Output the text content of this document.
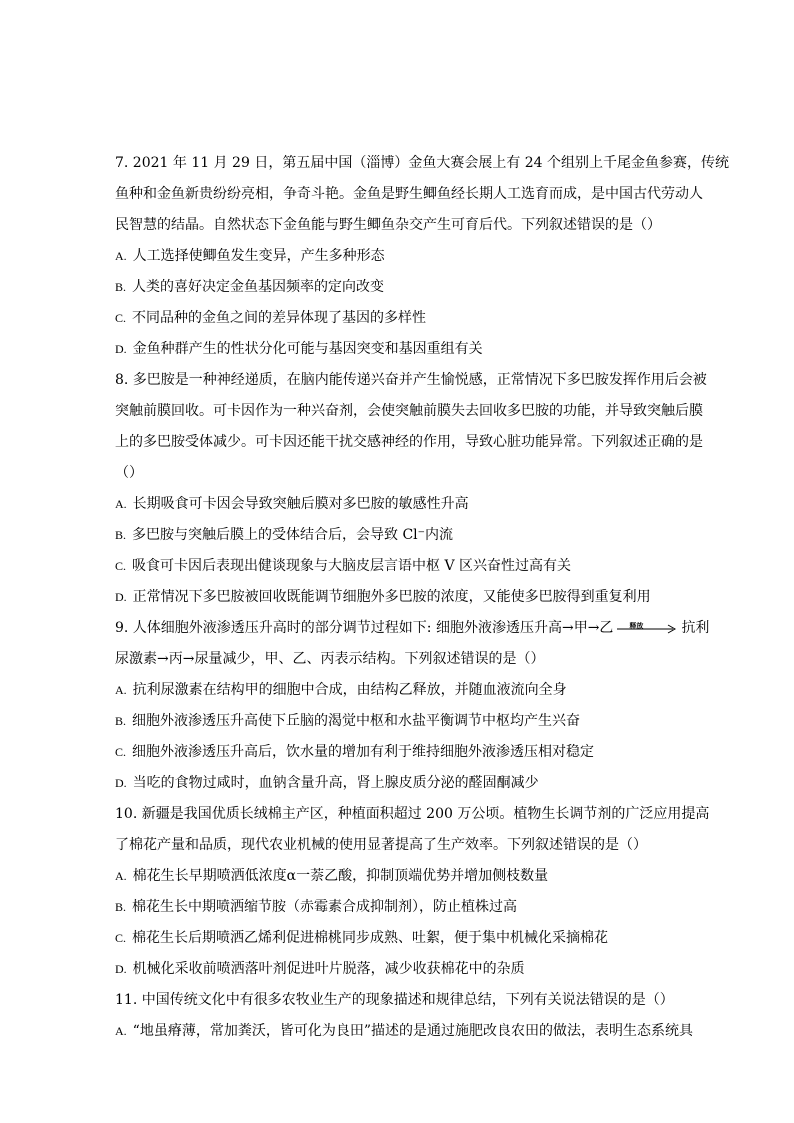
7. 2021 年 11 月 29 日，第五届中国（淄博）金鱼大赛会展上有 24 个组别上千尾金鱼参赛，传统
鱼种和金鱼新贵纷纷亮相，争奇斗艳。金鱼是野生鲫鱼经长期人工选育而成，是中国古代劳动人
民智慧的结晶。自然状态下金鱼能与野生鲫鱼杂交产生可育后代。下列叙述错误的是（）
A. 人工选择使鲫鱼发生变异，产生多种形态
B. 人类的喜好决定金鱼基因频率的定向改变
C. 不同品种的金鱼之间的差异体现了基因的多样性
D. 金鱼种群产生的性状分化可能与基因突变和基因重组有关
8. 多巴胺是一种神经递质，在脑内能传递兴奋并产生愉悦感，正常情况下多巴胺发挥作用后会被
突触前膜回收。可卡因作为一种兴奋剂，会使突触前膜失去回收多巴胺的功能，并导致突触后膜
上的多巴胺受体减少。可卡因还能干扰交感神经的作用，导致心脏功能异常。下列叙述正确的是
（）
A. 长期吸食可卡因会导致突触后膜对多巴胺的敏感性升高
B. 多巴胺与突触后膜上的受体结合后，会导致 Cl⁻内流
C. 吸食可卡因后表现出健谈现象与大脑皮层言语中枢 V 区兴奋性过高有关
D. 正常情况下多巴胺被回收既能调节细胞外多巴胺的浓度，又能使多巴胺得到重复利用
9. 人体细胞外液渗透压升高时的部分调节过程如下: 细胞外液渗透压升高→甲→乙 释放	抗利
尿激素→丙→尿量减少，甲、乙、丙表示结构。下列叙述错误的是（）
A. 抗利尿激素在结构甲的细胞中合成，由结构乙释放，并随血液流向全身
B. 细胞外液渗透压升高使下丘脑的渴觉中枢和水盐平衡调节中枢均产生兴奋
C. 细胞外液渗透压升高后，饮水量的增加有利于维持细胞外液渗透压相对稳定
D. 当吃的食物过咸时，血钠含量升高，肾上腺皮质分泌的醛固酮减少
10. 新疆是我国优质长绒棉主产区，种植面积超过 200 万公顷。植物生长调节剂的广泛应用提高
了棉花产量和品质，现代农业机械的使用显著提高了生产效率。下列叙述错误的是（）
A. 棉花生长早期喷洒低浓度α一萘乙酸，抑制顶端优势并增加侧枝数量
B. 棉花生长中期喷洒缩节胺（赤霉素合成抑制剂），防止植株过高
C. 棉花生长后期喷洒乙烯利促进棉桃同步成熟、吐絮，便于集中机械化采摘棉花
D. 机械化采收前喷洒落叶剂促进叶片脱落，减少收获棉花中的杂质
11. 中国传统文化中有很多农牧业生产的现象描述和规律总结，下列有关说法错误的是（）
A. “地虽瘠薄，常加粪沃，皆可化为良田”描述的是通过施肥改良农田的做法，表明生态系统具
